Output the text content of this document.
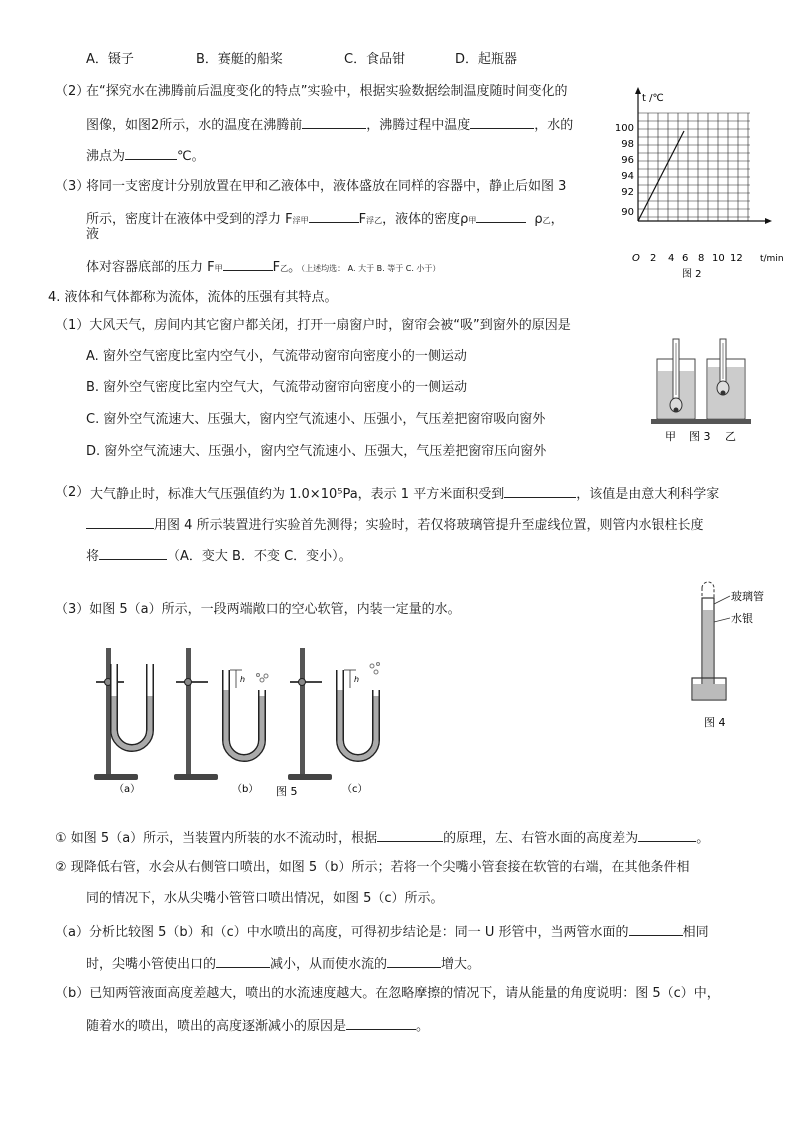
A．镊子	B．赛艇的船桨	C．食品钳	D．起瓶器
（2）
在“探究水在沸腾前后温度变化的特点”实验中，根据实验数据绘制温度随时间变化的
图像，如图2所示，水的温度在沸腾前	，沸腾过程中温度	，水的
沸点为	℃。
（3）
将同一支密度计分别放置在甲和乙液体中，液体盛放在同样的容器中，静止后如图 3
所示，密度计在液体中受到的浮力 F浮甲	F浮乙，液体的密度ρ甲	ρ乙，
液
体对容器底部的压力 F甲	F乙。（上述均选： A. 大于 B. 等于 C. 小于）
t /℃
t/min
100
98
96
94
92
90
O 2 4 6 8 10 12
图 2
4. 液体和气体都称为流体，流体的压强有其特点。
（1）大风天气，房间内其它窗户都关闭，打开一扇窗户时，窗帘会被“吸”到窗外的原因是
A. 窗外空气密度比室内空气小，气流带动窗帘向密度小的一侧运动
B. 窗外空气密度比室内空气大，气流带动窗帘向密度小的一侧运动
C. 窗外空气流速大、压强大，窗内空气流速小、压强小，气压差把窗帘吸向窗外
D. 窗外空气流速大、压强小，窗内空气流速小、压强大，气压差把窗帘压向窗外
甲 图 3 乙
（2） 大气静止时，标准大气压强值约为 1.0×10⁵Pa，表示 1 平方米面积受到	，该值是由意大利科学家
用图 4 所示装置进行实验首先测得；实验时，若仅将玻璃管提升至虚线位置，则管内水银柱长度
将	（A．变大 B．不变 C．变小）。
（3）如图 5（a）所示，一段两端敞口的空心软管，内装一定量的水。
玻璃管
水银
图 4
h
（b）
h
（c）
（a）	图 5
① 如图 5（a）所示，当装置内所装的水不流动时，根据	的原理，左、右管水面的高度差为	。
② 现降低右管，水会从右侧管口喷出，如图 5（b）所示；若将一个尖嘴小管套接在软管的右端，在其他条件相
同的情况下，水从尖嘴小管管口喷出情况，如图 5（c）所示。
（a）分析比较图 5（b）和（c）中水喷出的高度，可得初步结论是：同一 U 形管中，当两管水面的	相同
时，尖嘴小管使出口的	减小，从而使水流的	增大。
（b）已知两管液面高度差越大，喷出的水流速度越大。在忽略摩擦的情况下，请从能量的角度说明：图 5（c）中，
随着水的喷出，喷出的高度逐渐减小的原因是	。
